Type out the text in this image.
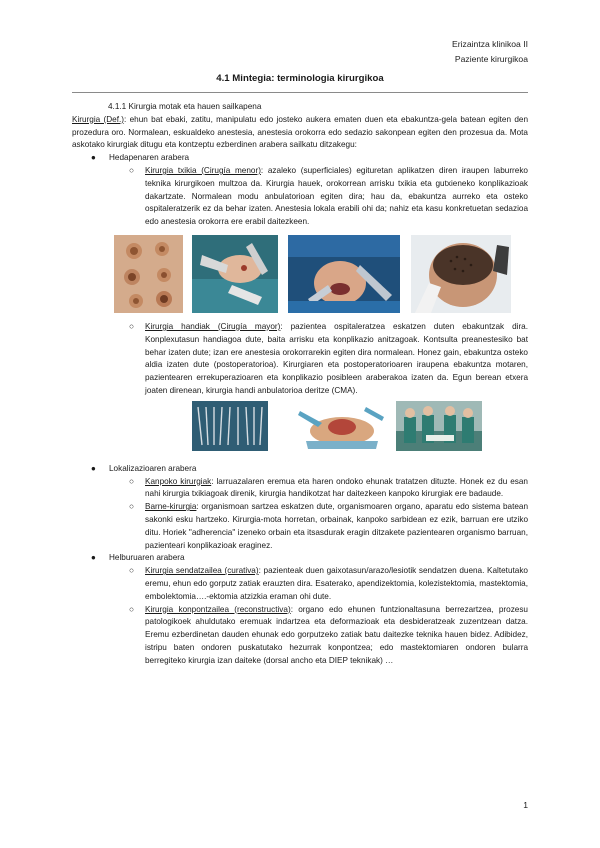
Erizaintza klinikoa II
Paziente kirurgikoa
4.1 Mintegia: terminologia kirurgikoa

4.1.1 Kirurgia motak eta hauen sailkapena

Kirurgia (Def.): ehun bat ebaki, zatitu, manipulatu edo josteko aukera ematen duen eta ebakuntza-gela batean egiten den prozedura oro. Normalean, eskualdeko anestesia, anestesia orokorra edo sedazio sakonpean egiten den prozesua da. Mota askotako kirurgiak ditugu eta kontzeptu ezberdinen arabera sailkatu ditzakegu:

● Hedapenaren arabera
○ Kirurgia txikia (Cirugía menor): azaleko (superficiales) egituretan aplikatzen diren iraupen laburreko teknika kirurgikoen multzoa da. Kirurgia hauek, orokorrean arrisku txikia eta gutxieneko konplikazioak dakartzate. Normalean modu anbulatorioan egiten dira; hau da, ebakuntza aurreko eta osteko ospitaleratzerik ez da behar izaten. Anestesia lokala erabili ohi da; nahiz eta kasu konkretuetan sedazioa edo anestesia orokorra ere erabil daitezkeen.
○ Kirurgia handiak (Cirugía mayor): pazientea ospitaleratzea eskatzen duten ebakuntzak dira. Konplexutasun handiagoa dute, baita arrisku eta konplikazio anitzagoak. Kontsulta preanestesiko bat behar izaten dute; izan ere anestesia orokorrarekin egiten dira normalean. Honez gain, ebakuntza osteko aldia izaten dute (postoperatorioa). Kirurgiaren eta postoperatorioaren iraupena ebakuntza motaren, pazientearen errekuperazioaren eta konplikazio posibleen araberakoa izaten da. Egun berean etxera joaten direnean, kirurgia handi anbulatorioa deritze (CMA).
● Lokalizazioaren arabera
○ Kanpoko kirurgiak: larruazalaren eremua eta haren ondoko ehunak tratatzen dituzte. Honek ez du esan nahi kirurgia txikiagoak direnik, kirurgia handikotzat har daitezkeen kanpoko kirurgiak ere badaude.
○ Barne-kirurgia: organismoan sartzea eskatzen dute, organismoaren organo, aparatu edo sistema batean sakonki esku hartzeko. Kirurgia-mota horretan, orbainak, kanpoko sarbidean ez ezik, barruan ere utziko ditu. Horiek "adherencia" izeneko orbain eta itsasdurak eragin ditzakete pazientearen organismo barruan, pazienteari konplikazioak eraginez.
● Helburuaren arabera
○ Kirurgia sendatzailea (curativa): pazienteak duen gaixotasun/arazo/lesiotik sendatzen duena. Kaltetutako eremu, ehun edo gorputz zatiak erauzten dira. Esaterako, apendizektomia, kolezistektomia, mastektomia, embolektomia….-ektomia atzizkia eraman ohi dute.
○ Kirurgia konpontzailea (reconstructiva): organo edo ehunen funtzionaltasuna berrezartzea, prozesu patologikoek ahuldutako eremuak indartzea eta deformazioak eta desbideratzeak zuzentzean datza. Eremu ezberdinetan dauden ehunak edo gorputzeko zatiak batu daitezke teknika hauen bidez. Adibidez, istripu baten ondoren puskatutako hezurrak konpontzea; edo mastektomiaren ondoren bularra berregiteko kirurgia izan daiteke (dorsal ancho eta DIEP teknikak) …
1
